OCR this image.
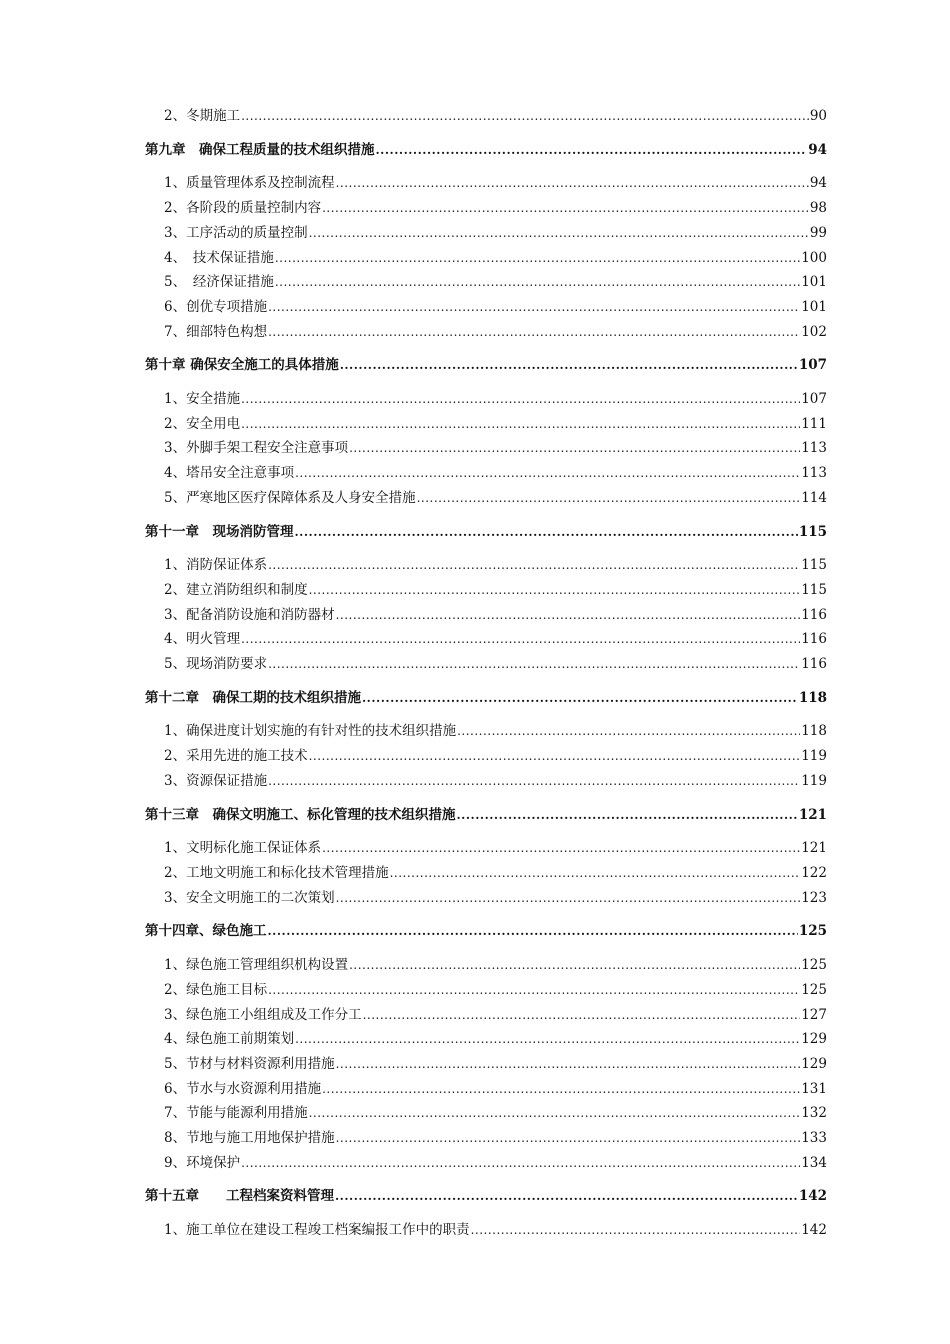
2、冬期施工 .....	90
第九章　确保工程质量的技术组织措施 .....	94
1、质量管理体系及控制流程 .....	94
2、各阶段的质量控制内容 .....	98
3、工序活动的质量控制 .....	99
4、　技术保证措施 .....	100
5、　经济保证措施 .....	101
6、创优专项措施 .....	101
7、细部特色构想 .....	102
第十章 确保安全施工的具体措施 .....	107
1、安全措施 .....	107
2、安全用电 .....	111
3、外脚手架工程安全注意事项 .....	113
4、塔吊安全注意事项 .....	113
5、严寒地区医疗保障体系及人身安全措施 .....	114
第十一章　现场消防管理 .....	115
1、消防保证体系 .....	115
2、建立消防组织和制度 .....	115
3、配备消防设施和消防器材 .....	116
4、明火管理 .....	116
5、现场消防要求 .....	116
第十二章　确保工期的技术组织措施 .....	118
1、确保进度计划实施的有针对性的技术组织措施 .....	118
2、采用先进的施工技术 .....	119
3、资源保证措施 .....	119
第十三章　确保文明施工、标化管理的技术组织措施 .....	121
1、文明标化施工保证体系 .....	121
2、工地文明施工和标化技术管理措施 .....	122
3、安全文明施工的二次策划 .....	123
第十四章、绿色施工 .....	125
1、绿色施工管理组织机构设置 .....	125
2、绿色施工目标 .....	125
3、绿色施工小组组成及工作分工 .....	127
4、绿色施工前期策划 .....	129
5、节材与材料资源利用措施 .....	129
6、节水与水资源利用措施 .....	131
7、节能与能源利用措施 .....	132
8、节地与施工用地保护措施 .....	133
9、环境保护 .....	134
第十五章　　工程档案资料管理 .....	142
1、施工单位在建设工程竣工档案编报工作中的职责 .....	142
